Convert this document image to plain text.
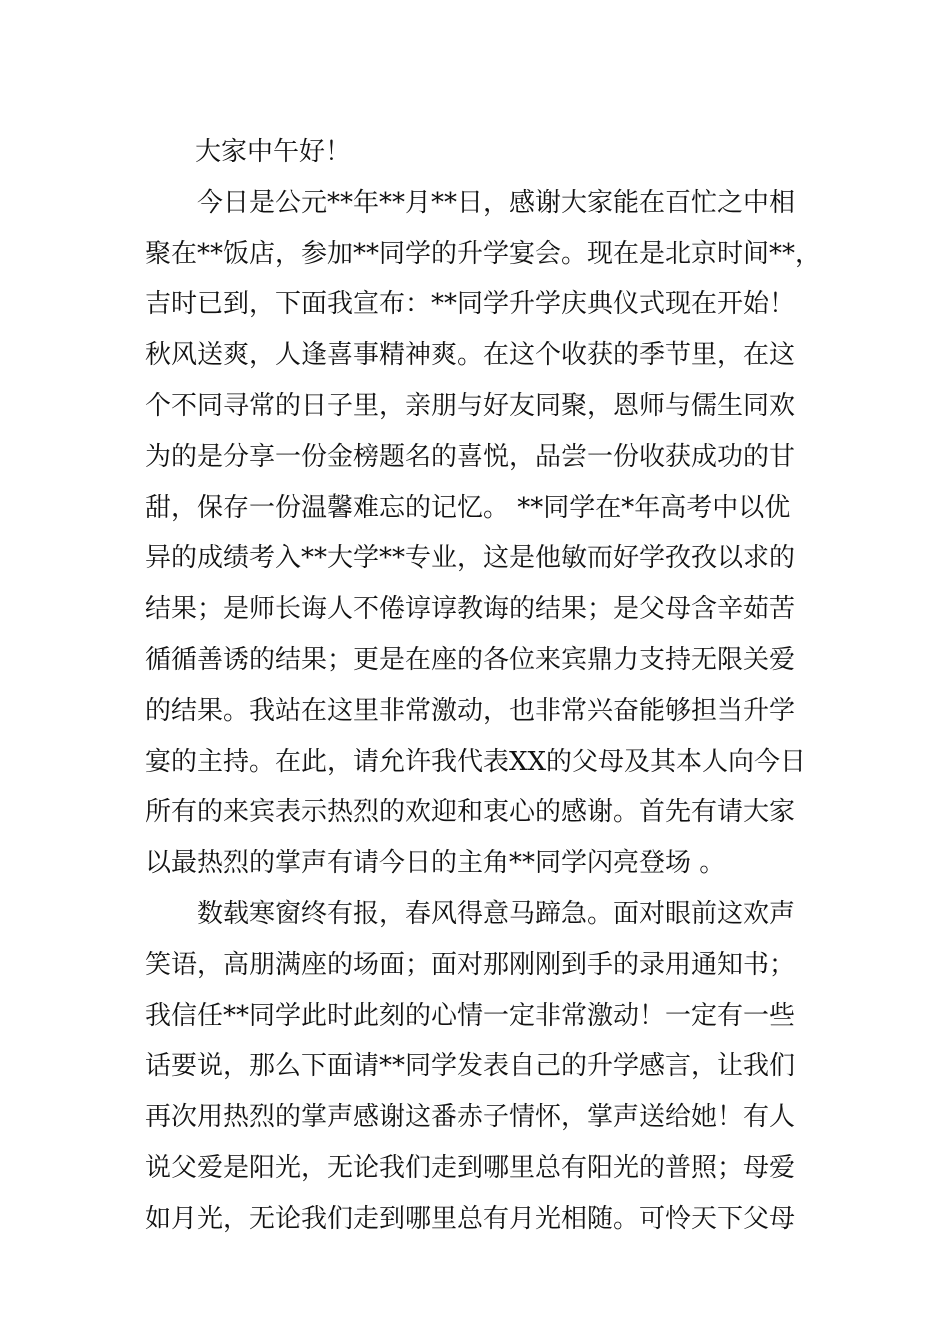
大家中午好！
今日是公元**年**月**日，感谢大家能在百忙之中相
聚在**饭店，参加**同学的升学宴会。现在是北京时间**，
吉时已到，下面我宣布：**同学升学庆典仪式现在开始！
秋风送爽，人逢喜事精神爽。在这个收获的季节里，在这
个不同寻常的日子里，亲朋与好友同聚，恩师与儒生同欢
为的是分享一份金榜题名的喜悦，品尝一份收获成功的甘
甜，保存一份温馨难忘的记忆。 **同学在*年高考中以优
异的成绩考入**大学**专业，这是他敏而好学孜孜以求的
结果；是师长诲人不倦谆谆教诲的结果；是父母含辛茹苦
循循善诱的结果；更是在座的各位来宾鼎力支持无限关爱
的结果。我站在这里非常激动，也非常兴奋能够担当升学
宴的主持。在此，请允许我代表XX的父母及其本人向今日
所有的来宾表示热烈的欢迎和衷心的感谢。首先有请大家
以最热烈的掌声有请今日的主角**同学闪亮登场 。
数载寒窗终有报，春风得意马蹄急。面对眼前这欢声
笑语，高朋满座的场面；面对那刚刚到手的录用通知书；
我信任**同学此时此刻的心情一定非常激动！一定有一些
话要说，那么下面请**同学发表自己的升学感言，让我们
再次用热烈的掌声感谢这番赤子情怀，掌声送给她！有人
说父爱是阳光，无论我们走到哪里总有阳光的普照；母爱
如月光，无论我们走到哪里总有月光相随。可怜天下父母
